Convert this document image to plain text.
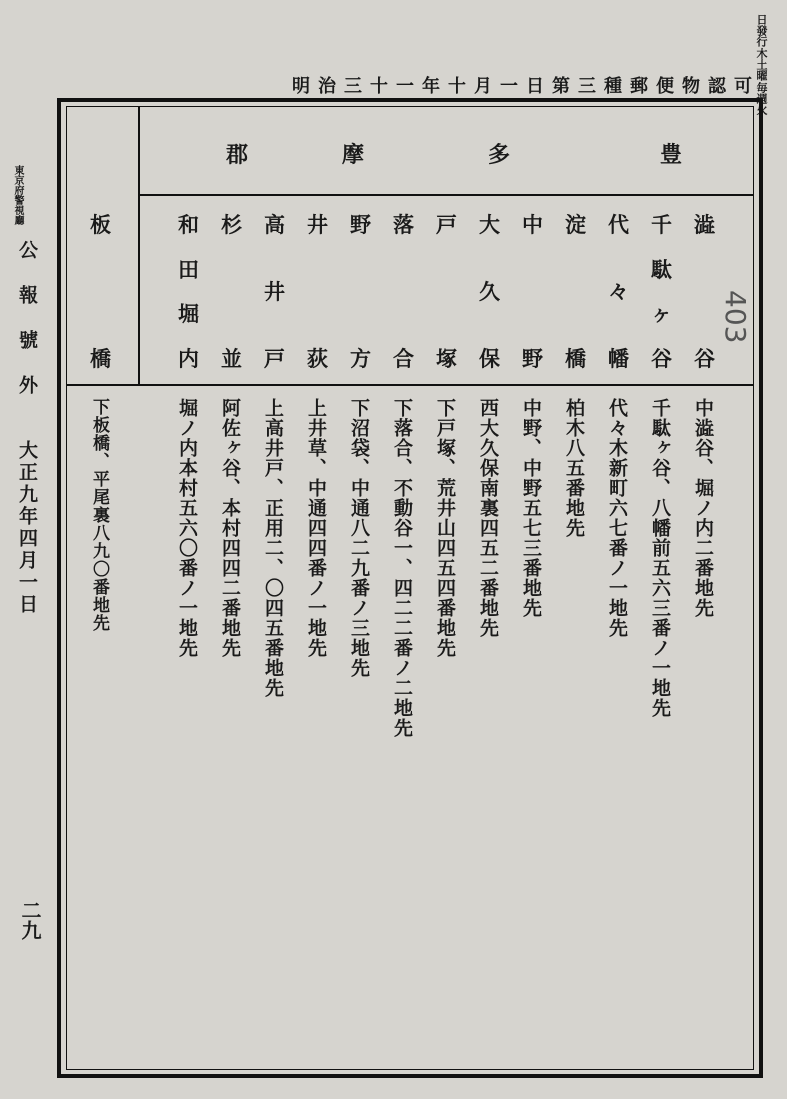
毎週火
木土曜
日發行
可認物便郵種三第日一月十年一十三治明
豊
多
摩
郡
澁
谷
千
駄
ヶ
谷
代
々
幡
淀
橋
中
野
大
久
保
戸
塚
落
合
野
方
井
荻
高
井
戸
杉
並
和
田
堀
内
板
橋
中澁谷、堀ノ内二番地先
千駄ヶ谷、八幡前五六三番ノ一地先
代々木新町六七番ノ一地先
柏木八五番地先
中野、中野五七三番地先
西大久保南裏四五二番地先
下戸塚、荒井山四五四番地先
下落合、不動谷一、四二二番ノ二地先
下沼袋、中通八二九番ノ三地先
上井草、中通四四番ノ一地先
上高井戸、正用二、〇四五番地先
阿佐ヶ谷、本村四四二番地先
堀ノ内本村五六〇番ノ一地先
下板橋、平尾裏八九〇番地先
警視廳
東京府
公報號外
大正九年四月一日
二九
403
